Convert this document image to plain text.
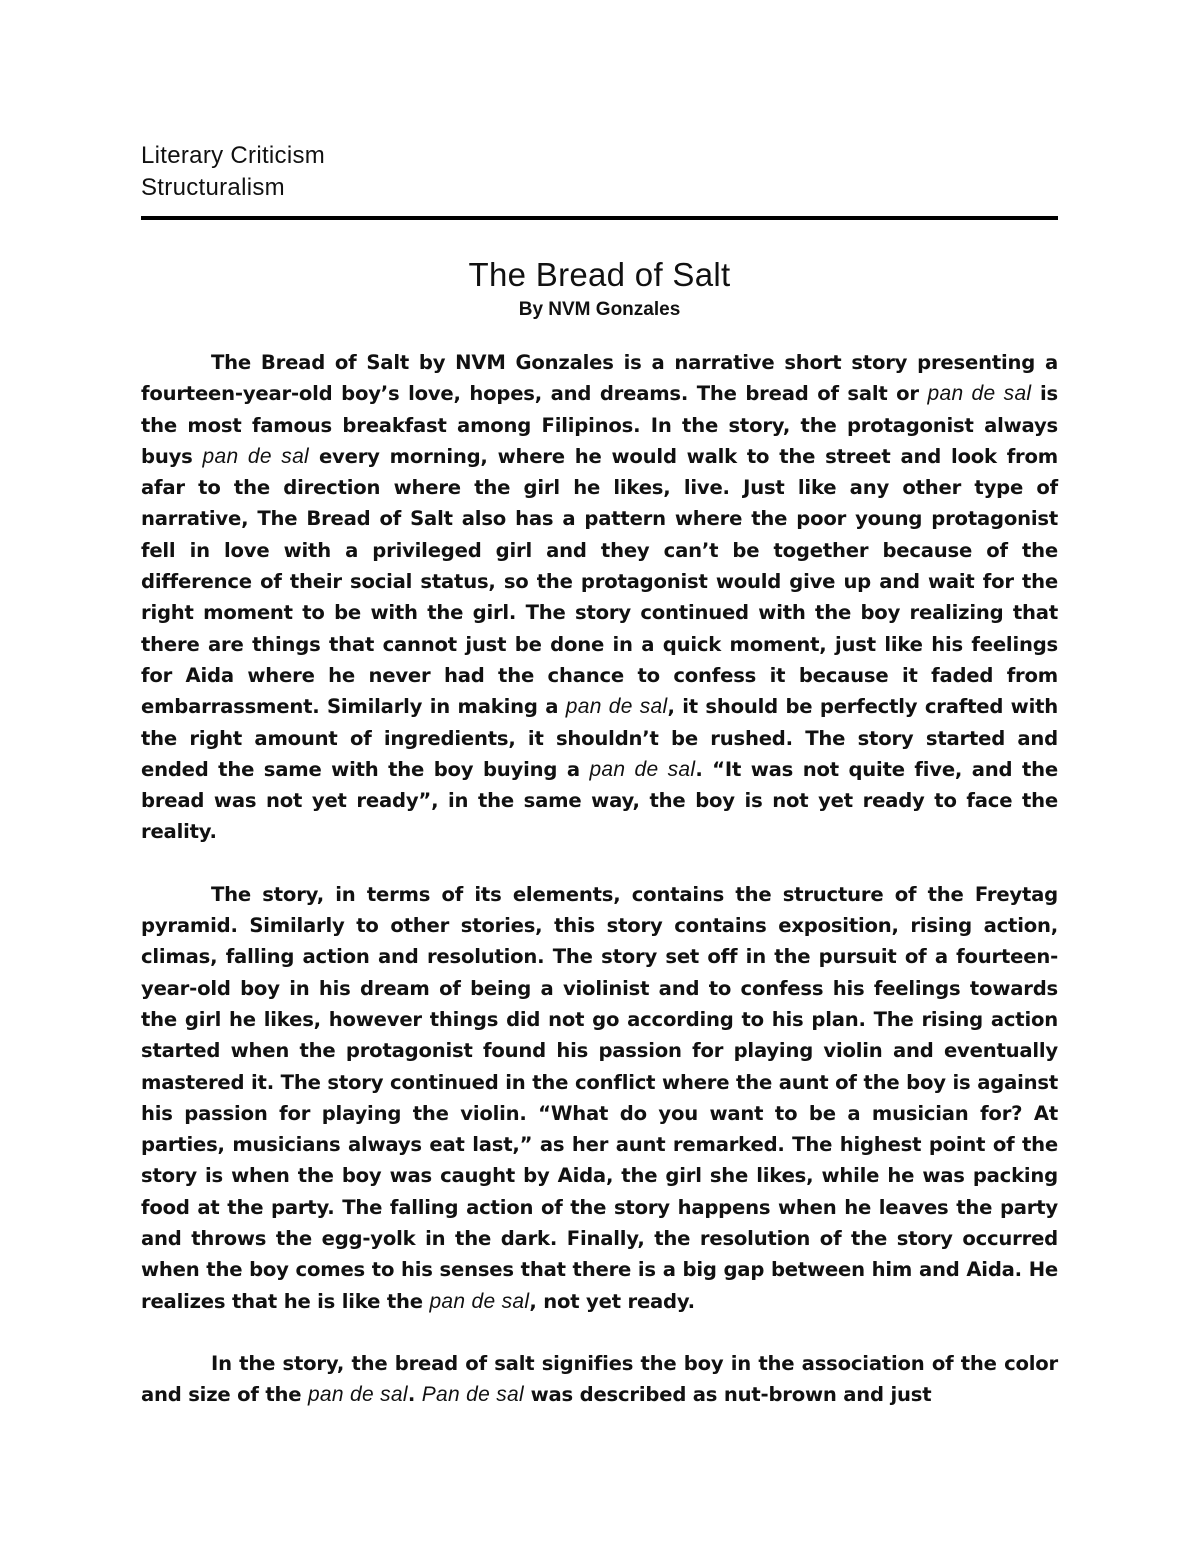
Literary Criticism
Structuralism
The Bread of Salt
By NVM Gonzales

The Bread of Salt by NVM Gonzales is a narrative short story presenting a fourteen-year-old boy’s love, hopes, and dreams. The bread of salt or pan de sal is the most famous breakfast among Filipinos. In the story, the protagonist always buys pan de sal every morning, where he would walk to the street and look from afar to the direction where the girl he likes, live. Just like any other type of narrative, The Bread of Salt also has a pattern where the poor young protagonist fell in love with a privileged girl and they can’t be together because of the difference of their social status, so the protagonist would give up and wait for the right moment to be with the girl. The story continued with the boy realizing that there are things that cannot just be done in a quick moment, just like his feelings for Aida where he never had the chance to confess it because it faded from embarrassment. Similarly in making a pan de sal, it should be perfectly crafted with the right amount of ingredients, it shouldn’t be rushed. The story started and ended the same with the boy buying a pan de sal. “It was not quite five, and the bread was not yet ready”, in the same way, the boy is not yet ready to face the reality.

The story, in terms of its elements, contains the structure of the Freytag pyramid. Similarly to other stories, this story contains exposition, rising action, climas, falling action and resolution. The story set off in the pursuit of a fourteen-year-old boy in his dream of being a violinist and to confess his feelings towards the girl he likes, however things did not go according to his plan. The rising action started when the protagonist found his passion for playing violin and eventually mastered it. The story continued in the conflict where the aunt of the boy is against his passion for playing the violin. “What do you want to be a musician for? At parties, musicians always eat last,” as her aunt remarked. The highest point of the story is when the boy was caught by Aida, the girl she likes, while he was packing food at the party. The falling action of the story happens when he leaves the party and throws the egg-yolk in the dark. Finally, the resolution of the story occurred when the boy comes to his senses that there is a big gap between him and Aida. He realizes that he is like the pan de sal, not yet ready.

In the story, the bread of salt signifies the boy in the association of the color and size of the pan de sal. Pan de sal was described as nut-brown and just
